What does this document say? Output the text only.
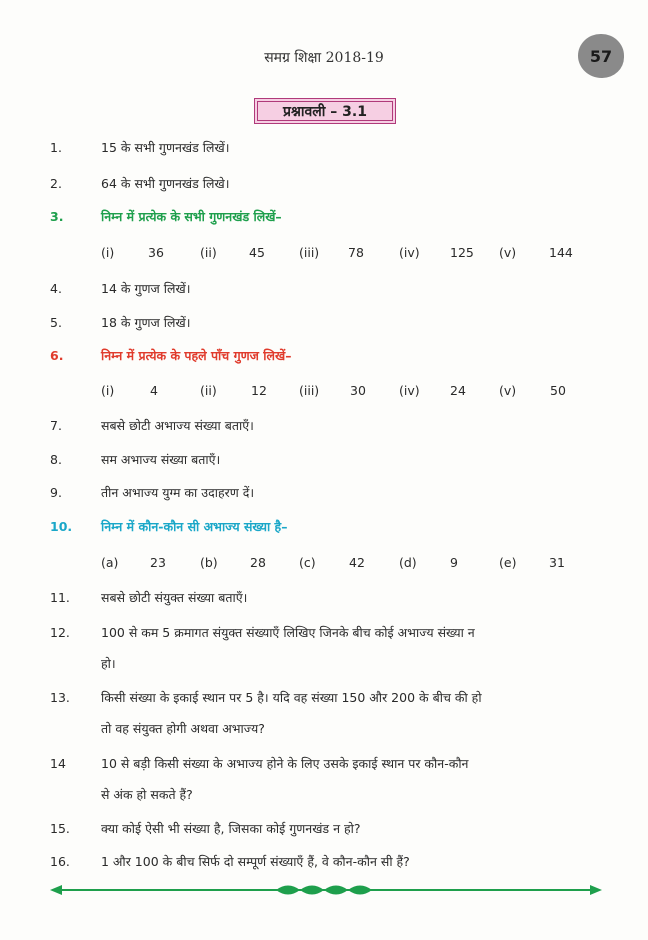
समग्र शिक्षा 2018-19	57
प्रश्नावली – 3.1
1.	15 के सभी गुणनखंड लिखें।
2.	64 के सभी गुणनखंड लिखे।
3.	निम्न में प्रत्येक के सभी गुणनखंड लिखें–
(i)	36	(ii)	45	(iii) 78	(iv) 125 (v)	144
4.	14 के गुणज लिखें।
5.	18 के गुणज लिखें।
6.	निम्न में प्रत्येक के पहले पाँच गुणज लिखें–
(i)	4	(ii)	12	(iii) 30	(iv) 24	(v)	50
7.	सबसे छोटी अभाज्य संख्या बताएँ।
8.	सम अभाज्य संख्या बताएँ।
9.	तीन अभाज्य युग्म का उदाहरण दें।
10. निम्न में कौन-कौन सी अभाज्य संख्या है–
(a)	23	(b)	28	(c)	42	(d)	9	(e)	31
11. सबसे छोटी संयुक्त संख्या बताएँ।
12. 100 से कम 5 क्रमागत संयुक्त संख्याएँ लिखिए जिनके बीच कोई अभाज्य संख्या न
हो।
13. किसी संख्या के इकाई स्थान पर 5 है। यदि वह संख्या 150 और 200 के बीच की हो
तो वह संयुक्त होगी अथवा अभाज्य?
14	10 से बड़ी किसी संख्या के अभाज्य होने के लिए उसके इकाई स्थान पर कौन-कौन
से अंक हो सकते हैं?
15. क्या कोई ऐसी भी संख्या है, जिसका कोई गुणनखंड न हो?
16. 1 और 100 के बीच सिर्फ दो सम्पूर्ण संख्याएँ हैं, वे कौन-कौन सी हैं?
